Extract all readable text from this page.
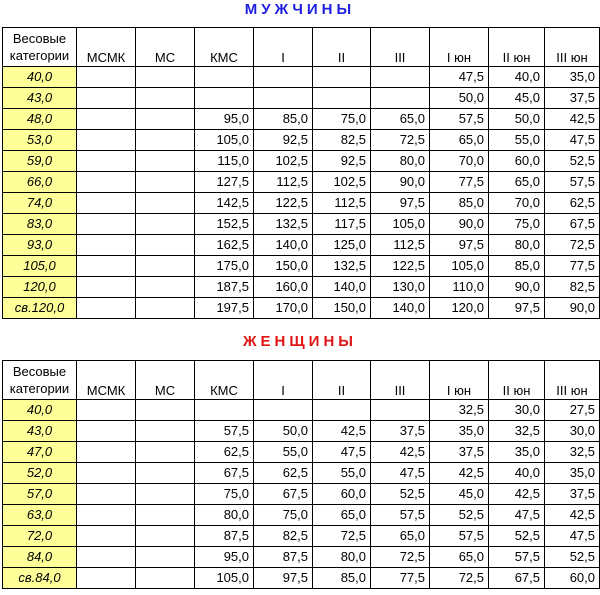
МУЖЧИНЫ
Весовые категории	МСМК	МС	КМС	I	II	III	I юн	II юн	III юн
40,0							47,5	40,0	35,0
43,0							50,0	45,0	37,5
48,0			95,0	85,0	75,0	65,0	57,5	50,0	42,5
53,0			105,0	92,5	82,5	72,5	65,0	55,0	47,5
59,0			115,0	102,5	92,5	80,0	70,0	60,0	52,5
66,0			127,5	112,5	102,5	90,0	77,5	65,0	57,5
74,0			142,5	122,5	112,5	97,5	85,0	70,0	62,5
83,0			152,5	132,5	117,5	105,0	90,0	75,0	67,5
93,0			162,5	140,0	125,0	112,5	97,5	80,0	72,5
105,0			175,0	150,0	132,5	122,5	105,0	85,0	77,5
120,0			187,5	160,0	140,0	130,0	110,0	90,0	82,5
св.120,0			197,5	170,0	150,0	140,0	120,0	97,5	90,0
ЖЕНЩИНЫ
Весовые категории	МСМК	МС	КМС	I	II	III	I юн	II юн	III юн
40,0							32,5	30,0	27,5
43,0			57,5	50,0	42,5	37,5	35,0	32,5	30,0
47,0			62,5	55,0	47,5	42,5	37,5	35,0	32,5
52,0			67,5	62,5	55,0	47,5	42,5	40,0	35,0
57,0			75,0	67,5	60,0	52,5	45,0	42,5	37,5
63,0			80,0	75,0	65,0	57,5	52,5	47,5	42,5
72,0			87,5	82,5	72,5	65,0	57,5	52,5	47,5
84,0			95,0	87,5	80,0	72,5	65,0	57,5	52,5
св.84,0			105,0	97,5	85,0	77,5	72,5	67,5	60,0
